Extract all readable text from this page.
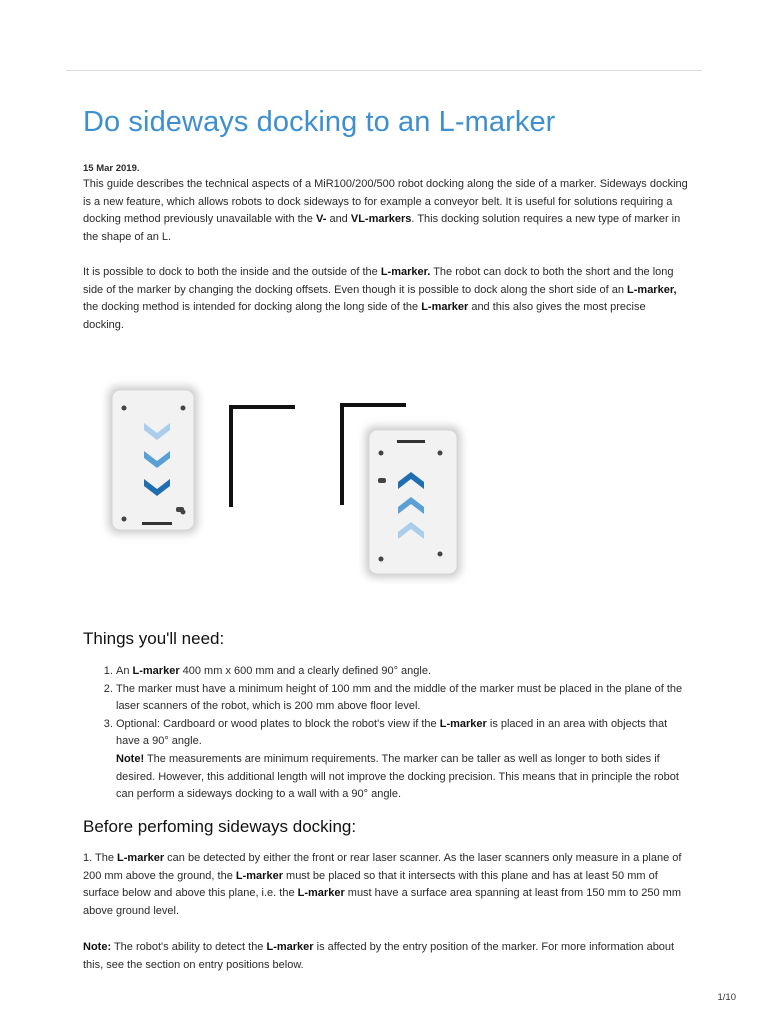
Do sideways docking to an L-marker

15 Mar 2019.

This guide describes the technical aspects of a MiR100/200/500 robot docking along the side of a marker. Sideways docking is a new feature, which allows robots to dock sideways to for example a conveyor belt. It is useful for solutions requiring a docking method previously unavailable with the V- and VL-markers. This docking solution requires a new type of marker in the shape of an L.

It is possible to dock to both the inside and the outside of the L-marker. The robot can dock to both the short and the long side of the marker by changing the docking offsets. Even though it is possible to dock along the short side of an L-marker, the docking method is intended for docking along the long side of the L-marker and this also gives the most precise docking.

Things you'll need:
1. An L-marker 400 mm x 600 mm and a clearly defined 90° angle.
2. The marker must have a minimum height of 100 mm and the middle of the marker must be placed in the plane of the laser scanners of the robot, which is 200 mm above floor level.
3. Optional: Cardboard or wood plates to block the robot's view if the L-marker is placed in an area with objects that have a 90° angle.
Note! The measurements are minimum requirements. The marker can be taller as well as longer to both sides if desired. However, this additional length will not improve the docking precision. This means that in principle the robot can perform a sideways docking to a wall with a 90° angle.
Before perfoming sideways docking:

1. The L-marker can be detected by either the front or rear laser scanner. As the laser scanners only measure in a plane of 200 mm above the ground, the L-marker must be placed so that it intersects with this plane and has at least 50 mm of surface below and above this plane, i.e. the L-marker must have a surface area spanning at least from 150 mm to 250 mm above ground level.

Note: The robot's ability to detect the L-marker is affected by the entry position of the marker. For more information about this, see the section on entry positions below.

1/10
